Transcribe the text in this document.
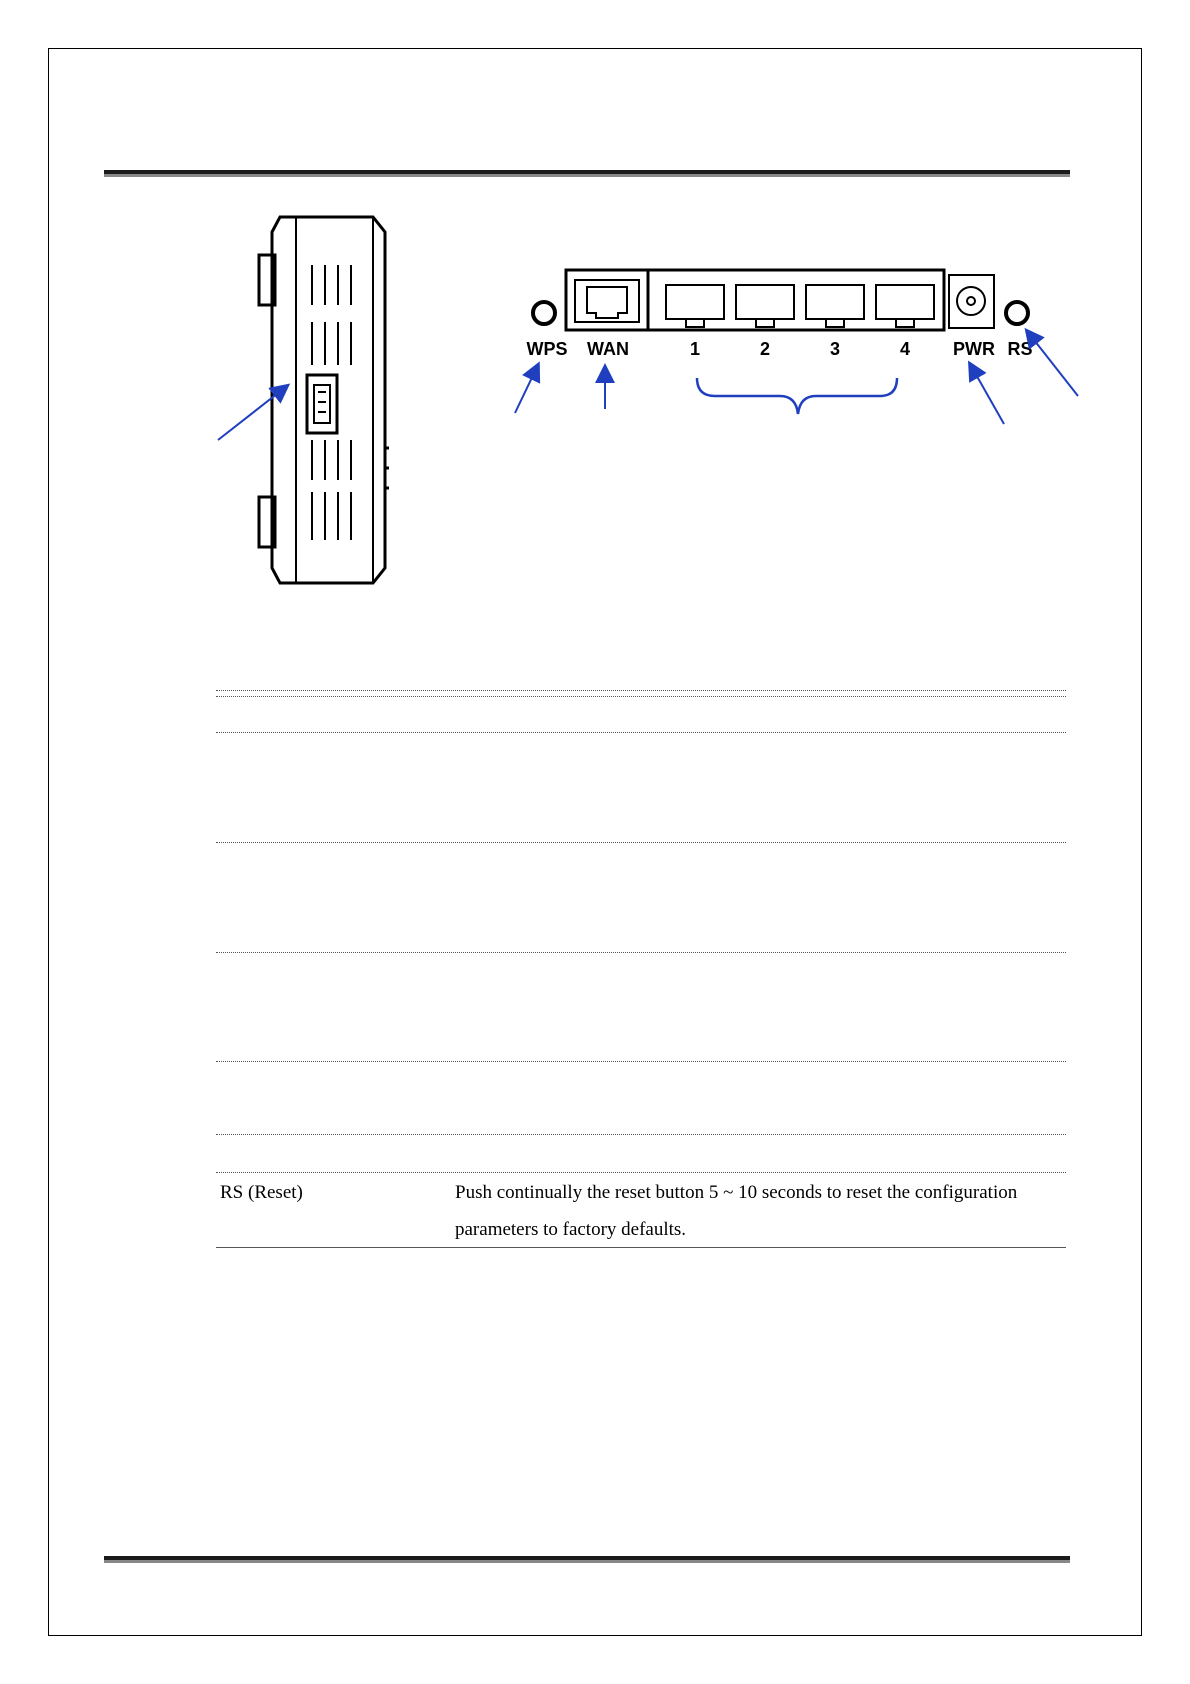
WPS WAN	1	2	3	4 PWR RS
RS (Reset)	Push continually the reset button 5 ~ 10 seconds to reset the configuration
parameters to factory defaults.
